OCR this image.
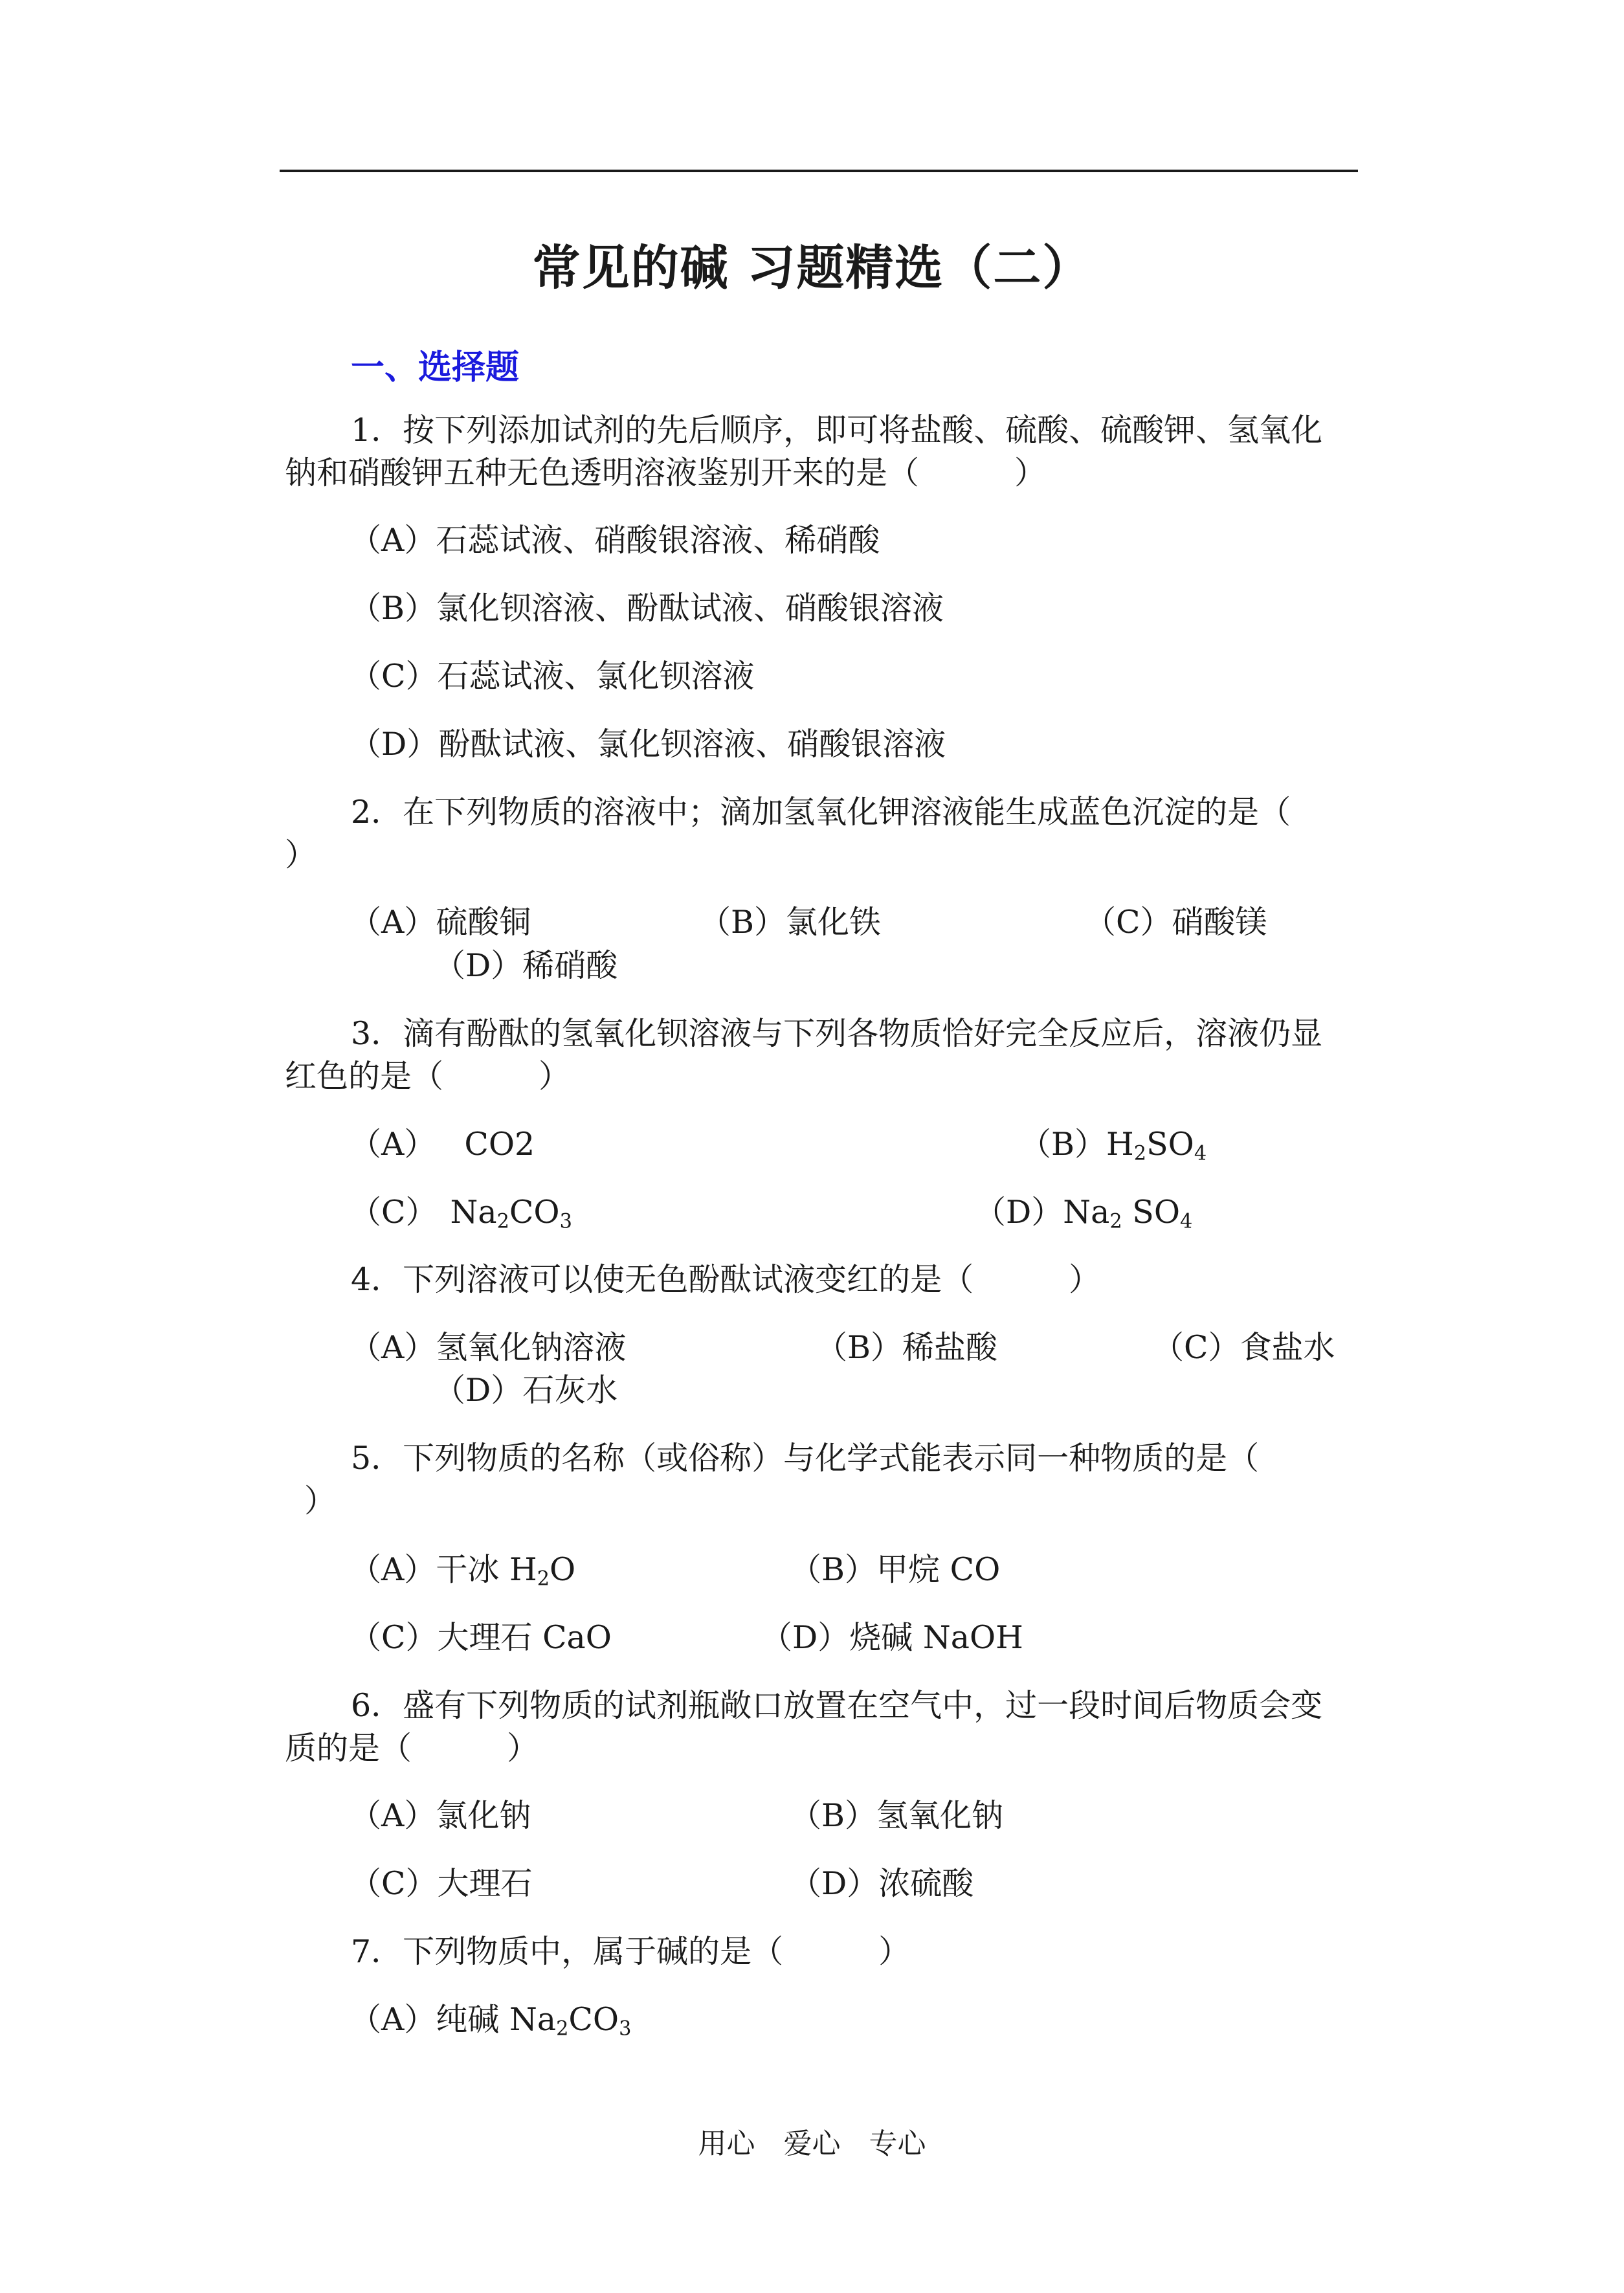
常见的碱 习题精选（二）
一、选择题
1．按下列添加试剂的先后顺序，即可将盐酸、硫酸、硫酸钾、氢氧化
钠和硝酸钾五种无色透明溶液鉴别开来的是（　　　）
（A）石蕊试液、硝酸银溶液、稀硝酸
（B）氯化钡溶液、酚酞试液、硝酸银溶液
（C）石蕊试液、氯化钡溶液
（D）酚酞试液、氯化钡溶液、硝酸银溶液
2．在下列物质的溶液中；滴加氢氧化钾溶液能生成蓝色沉淀的是（
）
（A）硫酸铜	（B）氯化铁	（C）硝酸镁
（D）稀硝酸
3．滴有酚酞的氢氧化钡溶液与下列各物质恰好完全反应后，溶液仍显
红色的是（　　　）
（A） CO2	$(B)H_2SO_4$
（C） $Na_2CO_3$	$(D)Na_2$ $SO_4$
4．下列溶液可以使无色酚酞试液变红的是（　　　）
（A）氢氧化钠溶液	（B）稀盐酸	（C）食盐水
（D）石灰水
5．下列物质的名称（或俗称）与化学式能表示同一种物质的是（
）
（A）干冰 $H_2O$	（B）甲烷 CO
（C）大理石 CaO	（D）烧碱 NaOH
6．盛有下列物质的试剂瓶敞口放置在空气中，过一段时间后物质会变
质的是（　　　）
（A）氯化钠	（B）氢氧化钠
（C）大理石	（D）浓硫酸
7．下列物质中，属于碱的是（　　　）
（A）纯碱 $Na_2CO_3$
用心 爱心 专心
